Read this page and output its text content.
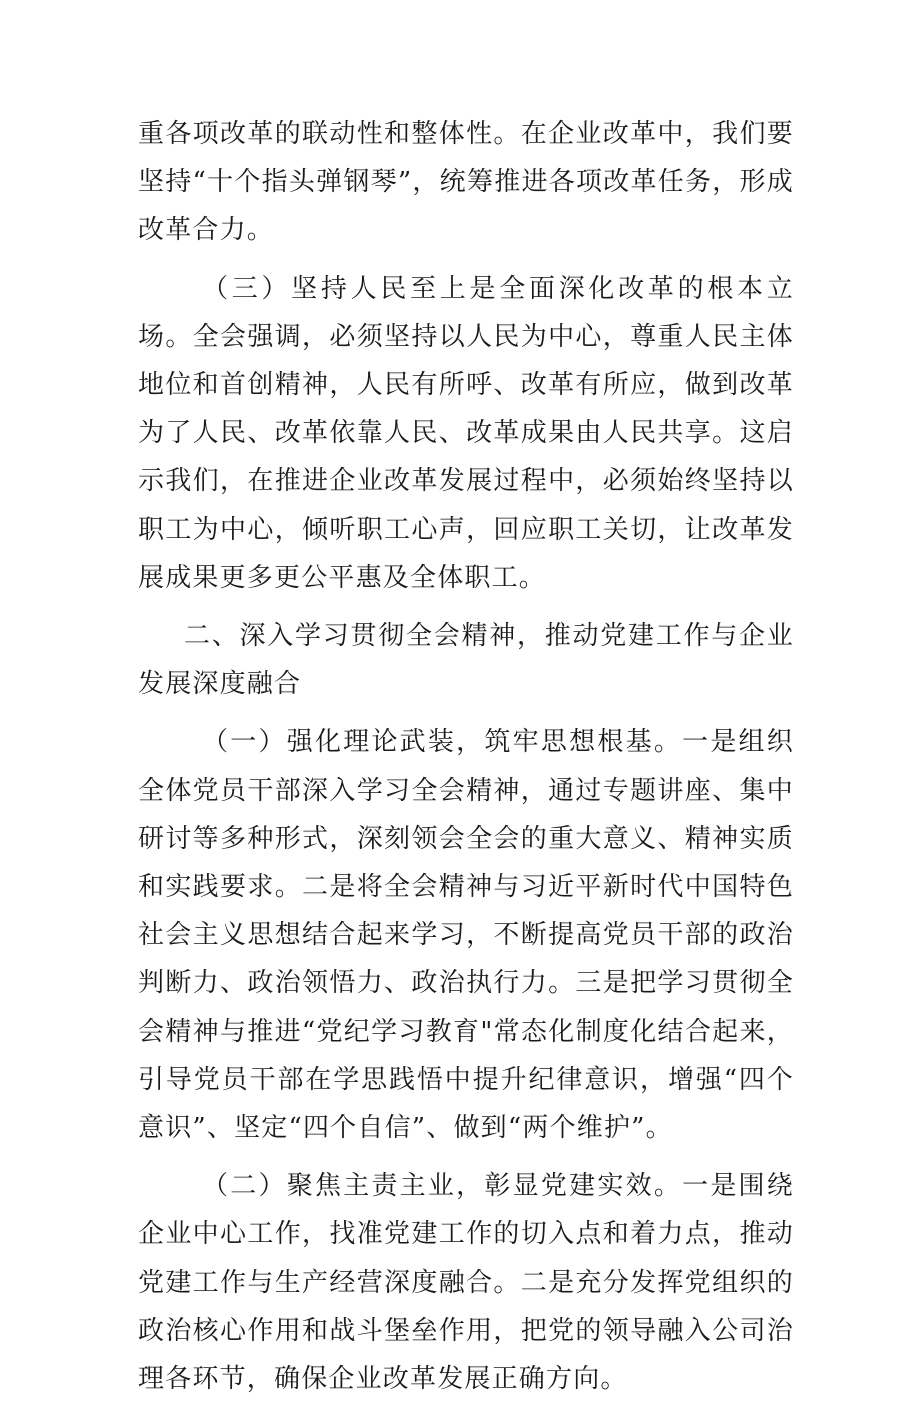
重各项改革的联动性和整体性。在企业改革中，我们要坚持“十个指头弹钢琴”，统筹推进各项改革任务，形成改革合力。

（三）坚持人民至上是全面深化改革的根本立场。全会强调，必须坚持以人民为中心，尊重人民主体地位和首创精神，人民有所呼、改革有所应，做到改革为了人民、改革依靠人民、改革成果由人民共享。这启示我们，在推进企业改革发展过程中，必须始终坚持以职工为中心，倾听职工心声，回应职工关切，让改革发展成果更多更公平惠及全体职工。

二、深入学习贯彻全会精神，推动党建工作与企业发展深度融合

（一）强化理论武装，筑牢思想根基。一是组织全体党员干部深入学习全会精神，通过专题讲座、集中研讨等多种形式，深刻领会全会的重大意义、精神实质和实践要求。二是将全会精神与习近平新时代中国特色社会主义思想结合起来学习，不断提高党员干部的政治判断力、政治领悟力、政治执行力。三是把学习贯彻全会精神与推进“党纪学习教育"常态化制度化结合起来，引导党员干部在学思践悟中提升纪律意识，增强“四个意识”、坚定“四个自信”、做到“两个维护”。

（二）聚焦主责主业，彰显党建实效。一是围绕企业中心工作，找准党建工作的切入点和着力点，推动党建工作与生产经营深度融合。二是充分发挥党组织的政治核心作用和战斗堡垒作用，把党的领导融入公司治理各环节，确保企业改革发展正确方向。
